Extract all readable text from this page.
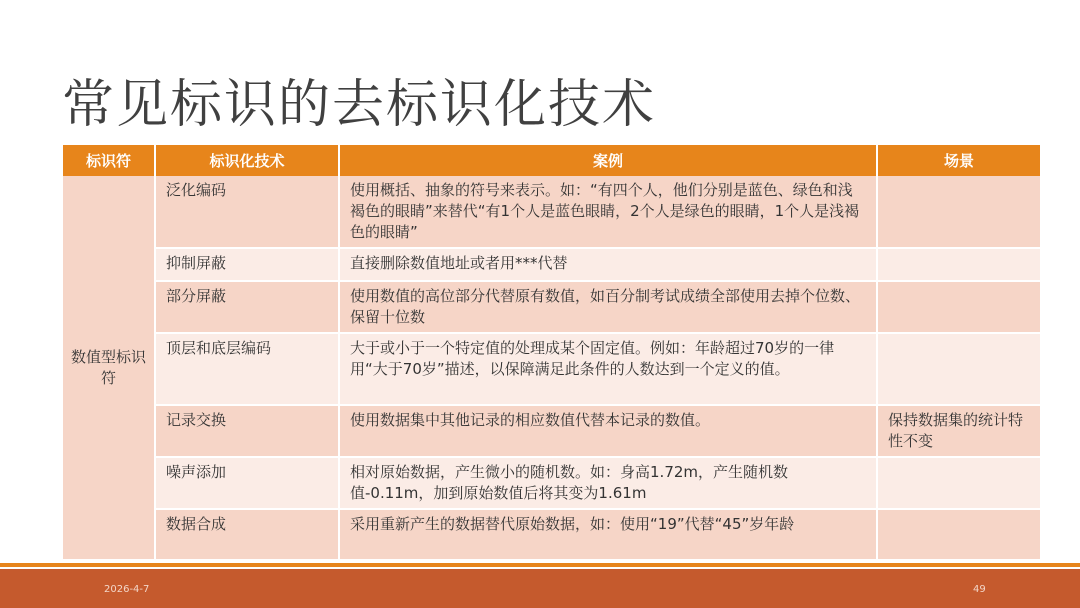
常见标识的去标识化技术
标识符	标识化技术	案例	场景
数值型标识符	泛化编码	使用概括、抽象的符号来表示。如：“有四个人，他们分别是蓝色、绿色和浅褐色的眼睛”来替代“有1个人是蓝色眼睛，2个人是绿色的眼睛，1个人是浅褐色的眼睛”	
	抑制屏蔽	直接删除数值地址或者用***代替	
	部分屏蔽	使用数值的高位部分代替原有数值，如百分制考试成绩全部使用去掉个位数、保留十位数	
	顶层和底层编码	大于或小于一个特定值的处理成某个固定值。例如：年龄超过70岁的一律用“大于70岁”描述，以保障满足此条件的人数达到一个定义的值。	
	记录交换	使用数据集中其他记录的相应数值代替本记录的数值。	保持数据集的统计特性不变
	噪声添加	相对原始数据，产生微小的随机数。如：身高1.72m，产生随机数值-0.11m，加到原始数值后将其变为1.61m	
	数据合成	采用重新产生的数据替代原始数据，如：使用“19”代替“45”岁年龄	
2026-4-7	49
